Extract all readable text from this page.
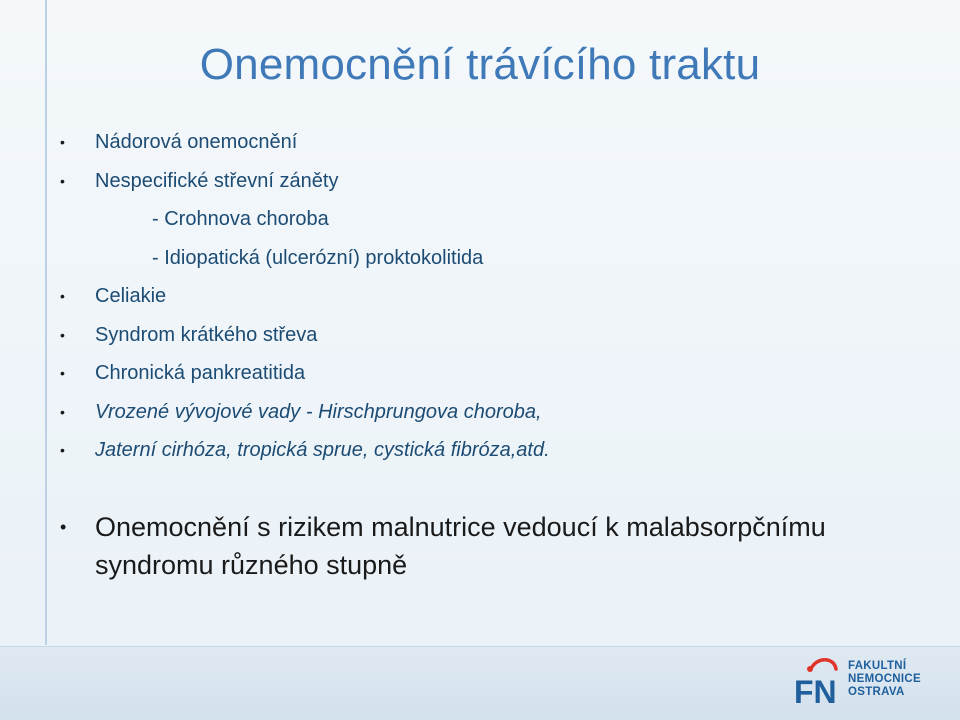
Onemocnění trávícího traktu
•	Nádorová onemocnění
•	Nespecifické střevní záněty
- Crohnova choroba
- Idiopatická (ulcerózní) proktokolitida
•	Celiakie
•	Syndrom krátkého střeva
•	Chronická pankreatitida
•	Vrozené vývojové vady - Hirschprungova choroba,
•	Jaterní cirhóza, tropická sprue, cystická fibróza,atd.
• Onemocnění s rizikem malnutrice vedoucí k malabsorpčnímu syndromu různého stupně
FN
FAKULTNÍ
NEMOCNICE
OSTRAVA
